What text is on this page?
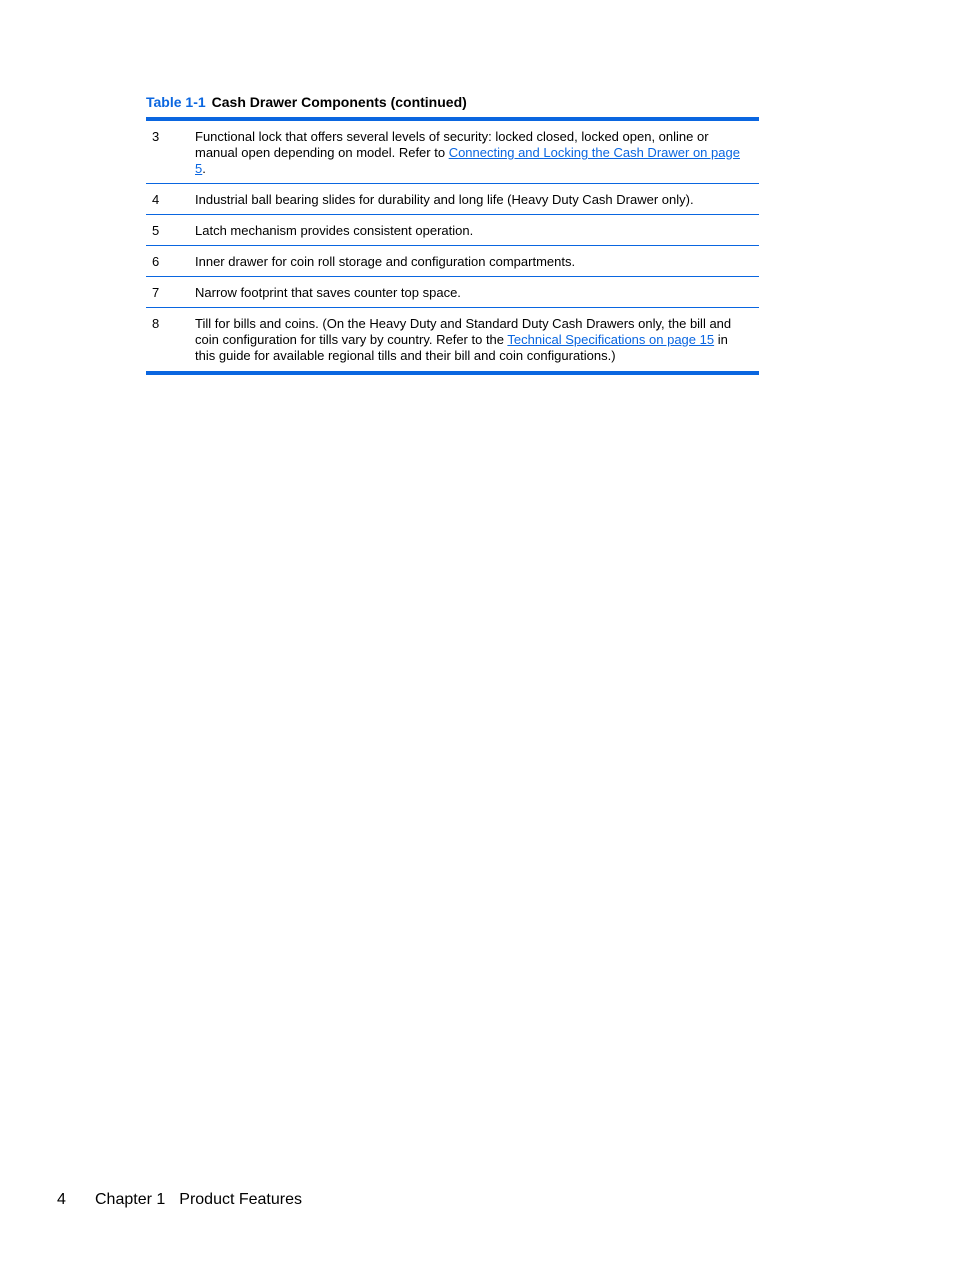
Table 1-1 Cash Drawer Components (continued)
3	Functional lock that offers several levels of security: locked closed, locked open, online or manual open depending on model. Refer to Connecting and Locking the Cash Drawer on page 5.
4	Industrial ball bearing slides for durability and long life (Heavy Duty Cash Drawer only).
5	Latch mechanism provides consistent operation.
6	Inner drawer for coin roll storage and configuration compartments.
7	Narrow footprint that saves counter top space.
8	Till for bills and coins. (On the Heavy Duty and Standard Duty Cash Drawers only, the bill and coin configuration for tills vary by country. Refer to the Technical Specifications on page 15 in this guide for available regional tills and their bill and coin configurations.)
4 Chapter 1 Product Features
